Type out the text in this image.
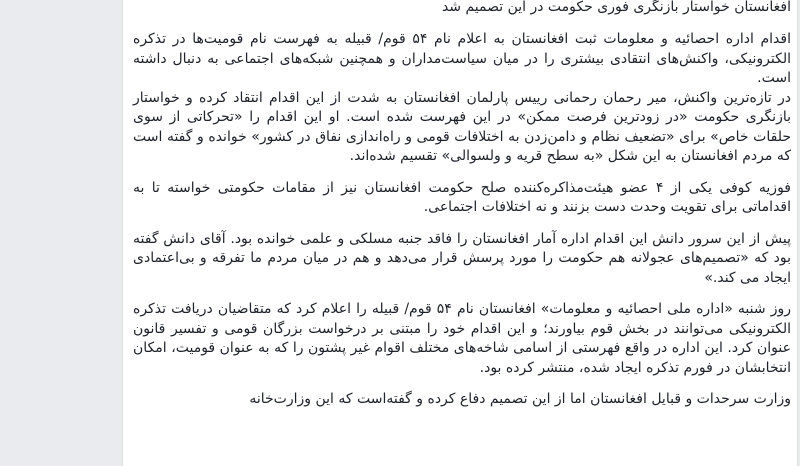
افغانستان خواستار بازنگری فوری حکومت در این تصمیم شد

اقدام اداره احصائیه و معلومات ثبت افغانستان به اعلام نام ۵۴ قوم/ قبیله به فهرست نام قومیت‌ها در تذکره الکترونیکی، واکنش‌های انتقادی بیشتری را در میان سیاست‌مداران و همچنین شبکه‌های اجتماعی به دنبال داشته است.

در تازه‌ترین واکنش، میر رحمان رحمانی رییس پارلمان افغانستان به شدت از این اقدام انتقاد کرده و خواستار بازنگری حکومت «در زودترین فرصت ممکن» در این فهرست شده است. او این اقدام را «تحرکاتی از سوی حلقات خاص» برای «تضعیف نظام و دامن‌زدن به اختلافات قومی و راه‌اندازی نفاق در کشور» خوانده و گفته است که مردم افغانستان به این شکل «به سطح قریه و ولسوالی» تقسیم شده‌اند.

فوزیه کوفی یکی از ۴ عضو هیئت‌مذاکره‌کننده صلح حکومت افغانستان نیز از مقامات حکومتی خواسته تا به اقداماتی برای تقویت وحدت دست بزنند و نه اختلافات اجتماعی.

پیش از این سرور دانش این اقدام اداره آمار افغانستان را فاقد جنبه مسلکی و علمی خوانده بود. آقای دانش گفته بود که «تصمیم‌های عجولانه هم حکومت را مورد پرسش قرار می‌دهد و هم در میان مردم ما تفرقه و بی‌اعتمادی ایجاد می کند.»

روز شنبه «اداره ملی احصائیه و معلومات» افغانستان نام ۵۴ قوم/ قبیله را اعلام کرد که متقاضیان دریافت تذکره الکترونیکی می‌توانند در بخش قوم بیاورند؛ و این اقدام خود را مبتنی بر درخواست بزرگان قومی و تفسیر قانون عنوان کرد. این اداره در واقع فهرستی از اسامی شاخه‌های مختلف اقوام غیر پشتون را که به عنوان قومیت، امکان انتخابشان در فورم تذکره ایجاد شده، منتشر کرده بود.

وزارت سرحدات و قبایل افغانستان اما از این تصمیم دفاع کرده و گفته‌است که این وزارت‌خانه
